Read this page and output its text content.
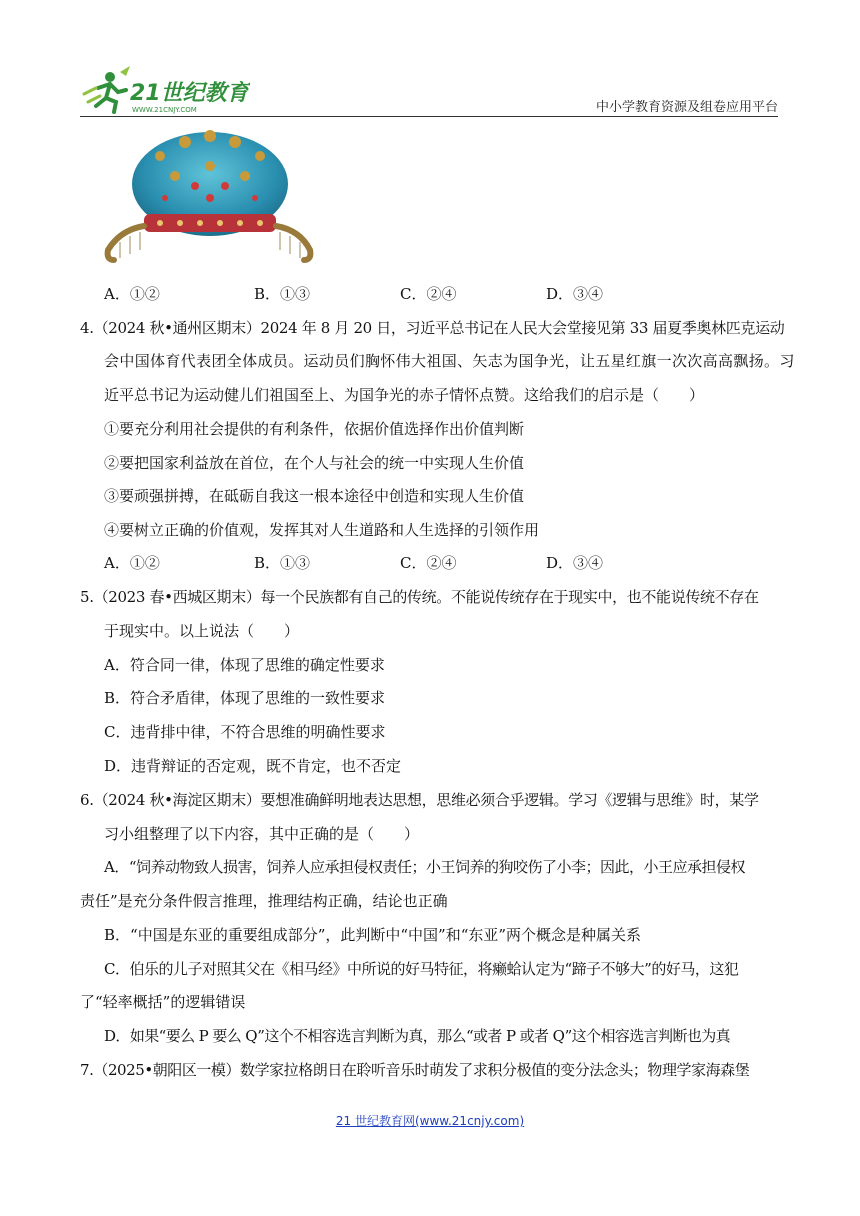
21世纪教育
WWW.21CNJY.COM	中小学教育资源及组卷应用平台
A．①②	B．①③	C．②④	D．③④
4.（2024 秋•通州区期末）2024 年 8 月 20 日，习近平总书记在人民大会堂接见第 33 届夏季奥林匹克运动
会中国体育代表团全体成员。运动员们胸怀伟大祖国、矢志为国争光，让五星红旗一次次高高飘扬。习
近平总书记为运动健儿们祖国至上、为国争光的赤子情怀点赞。这给我们的启示是（　　）
①要充分利用社会提供的有利条件，依据价值选择作出价值判断
②要把国家利益放在首位，在个人与社会的统一中实现人生价值
③要顽强拼搏，在砥砺自我这一根本途径中创造和实现人生价值
④要树立正确的价值观，发挥其对人生道路和人生选择的引领作用
A．①②	B．①③	C．②④	D．③④
5.（2023 春•西城区期末）每一个民族都有自己的传统。不能说传统存在于现实中，也不能说传统不存在
于现实中。以上说法（　　）
A．符合同一律，体现了思维的确定性要求
B．符合矛盾律，体现了思维的一致性要求
C．违背排中律，不符合思维的明确性要求
D．违背辩证的否定观，既不肯定，也不否定
6.（2024 秋•海淀区期末）要想准确鲜明地表达思想，思维必须合乎逻辑。学习《逻辑与思维》时，某学
习小组整理了以下内容，其中正确的是（　　）
A．“饲养动物致人损害，饲养人应承担侵权责任；小王饲养的狗咬伤了小李；因此，小王应承担侵权
责任”是充分条件假言推理，推理结构正确，结论也正确
B．“中国是东亚的重要组成部分”，此判断中“中国”和“东亚”两个概念是种属关系
C．伯乐的儿子对照其父在《相马经》中所说的好马特征，将癞蛤认定为“蹄子不够大”的好马，这犯
了“轻率概括”的逻辑错误
D．如果“要么 P 要么 Q”这个不相容选言判断为真，那么“或者 P 或者 Q”这个相容选言判断也为真
7.（2025•朝阳区一模）数学家拉格朗日在聆听音乐时萌发了求积分极值的变分法念头；物理学家海森堡
21 世纪教育网(www.21cnjy.com)
